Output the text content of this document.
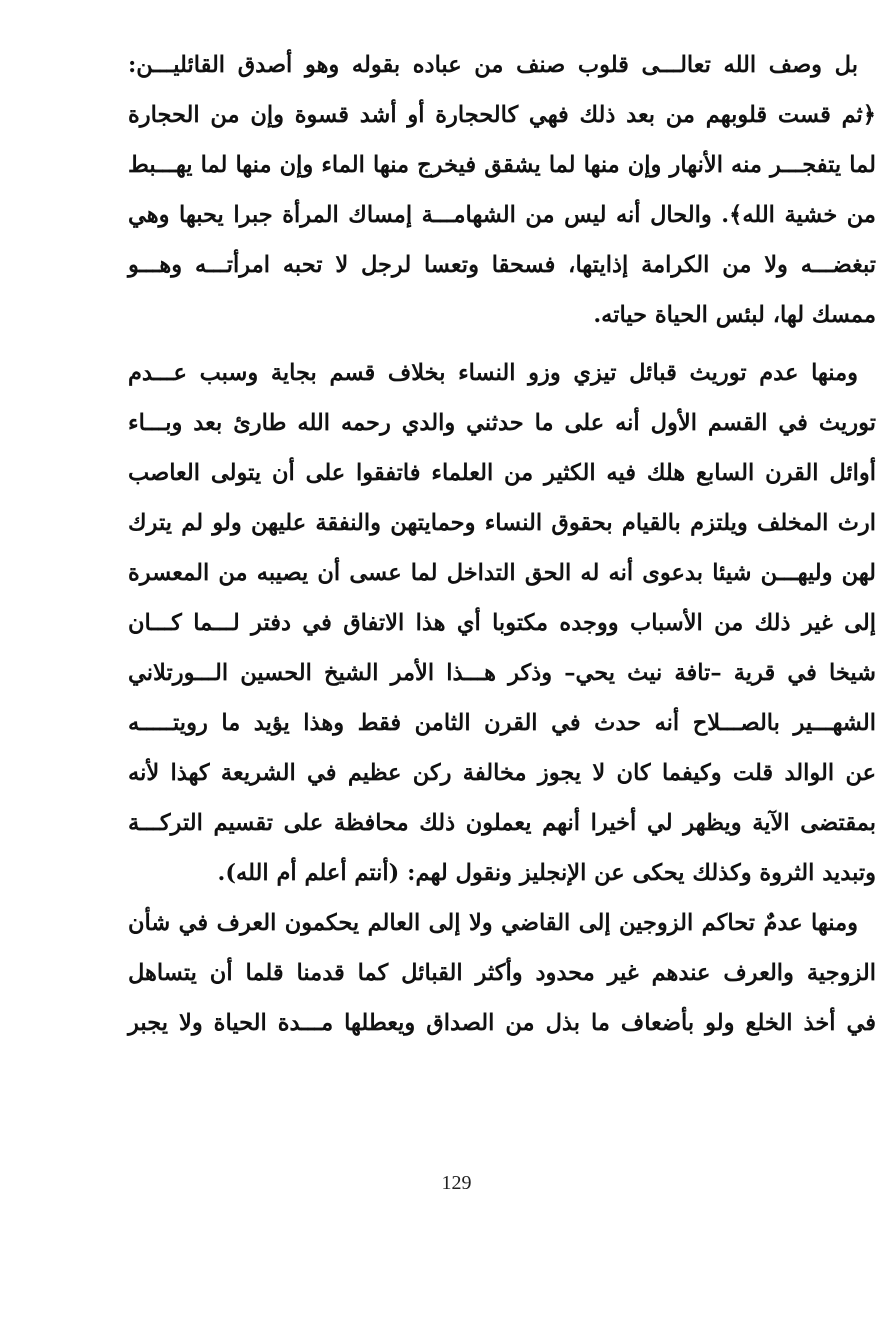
بل وصف الله تعالـــى قلوب صنف من عباده بقوله وهو أصدق القائليـــن:
﴿ثم قست قلوبهم من بعد ذلك فهي كالحجارة أو أشد قسوة وإن من الحجارة
لما يتفجـــر منه الأنهار وإن منها لما يشقق فيخرج منها الماء وإن منها لما يهـــبط
من خشية الله﴾. والحال أنه ليس من الشهامـــة إمساك المرأة جبرا يحبها وهي
تبغضـــه ولا من الكرامة إذايتها، فسحقا وتعسا لرجل لا تحبه امرأتـــه وهـــو
ممسك لها، لبئس الحياة حياته.
ومنها عدم توريث قبائل تيزي وزو النساء بخلاف قسم بجاية وسبب عـــدم
توريث في القسم الأول أنه على ما حدثني والدي رحمه الله طارئ بعد وبـــاء
أوائل القرن السابع هلك فيه الكثير من العلماء فاتفقوا على أن يتولى العاصب
ارث المخلف ويلتزم بالقيام بحقوق النساء وحمايتهن والنفقة عليهن ولو لم يترك
لهن وليهـــن شيئا بدعوى أنه له الحق التداخل لما عسى أن يصيبه من المعسرة
إلى غير ذلك من الأسباب ووجده مكتوبا أي هذا الاتفاق في دفتر لـــما كـــان
شيخا في قرية –تافة نيث يحي– وذكر هـــذا الأمر الشيخ الحسين الـــورتلاني
الشهـــير بالصـــلاح أنه حدث في القرن الثامن فقط وهذا يؤيد ما رويتـــــه
عن الوالد قلت وكيفما كان لا يجوز مخالفة ركن عظيم في الشريعة كهذا لأنه
بمقتضى الآية ويظهر لي أخيرا أنهم يعملون ذلك محافظة على تقسيم التركـــة
وتبديد الثروة وكذلك يحكى عن الإنجليز ونقول لهم: (أنتم أعلم أم الله).
ومنها عدمٌ تحاكم الزوجين إلى القاضي ولا إلى العالم يحكمون العرف في شأن
الزوجية والعرف عندهم غير محدود وأكثر القبائل كما قدمنا قلما أن يتساهل
في أخذ الخلع ولو بأضعاف ما بذل من الصداق ويعطلها مـــدة الحياة ولا يجبر
129
